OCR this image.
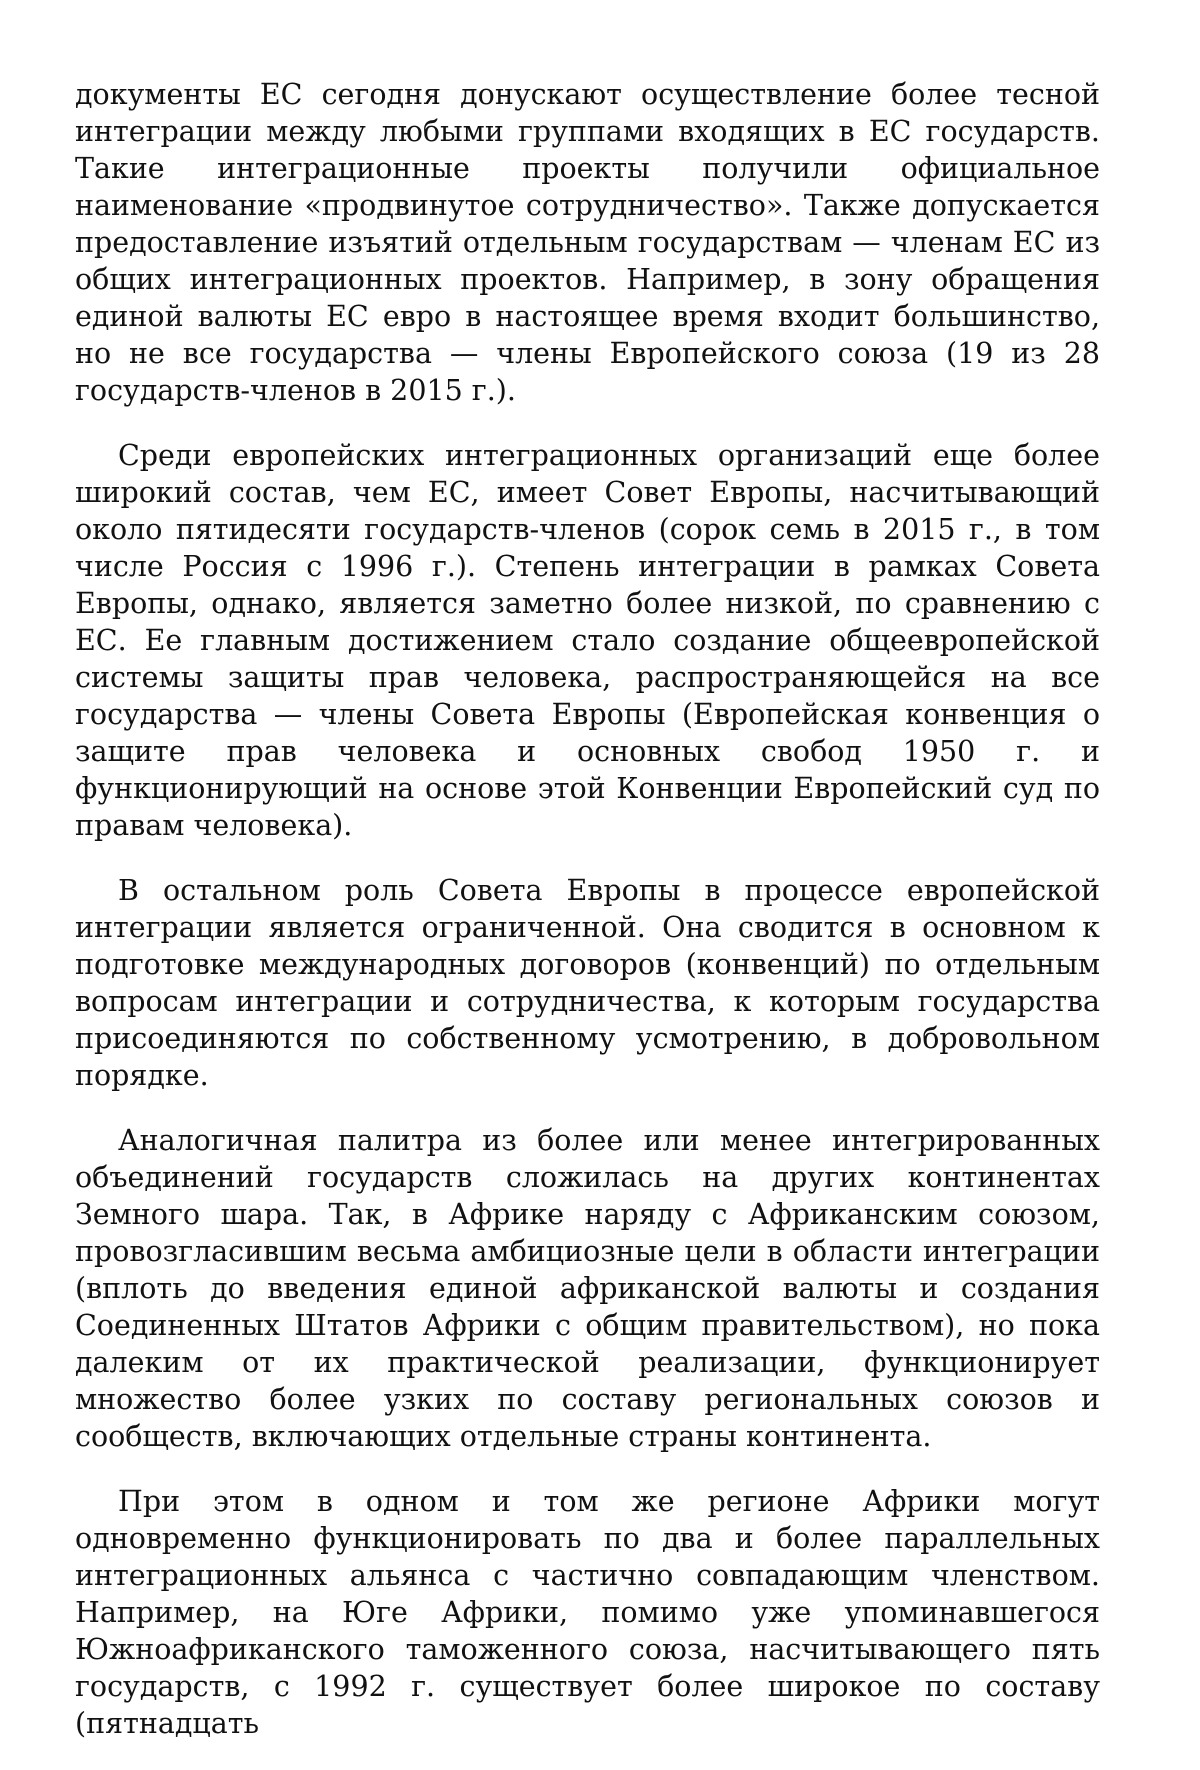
документы ЕС сегодня донускают осуществление более тесной интеграции между любыми группами входящих в ЕС государств. Такие интеграционные проекты получили официальное наименование «продвинутое сотрудничество». Также допускается предоставление изъятий отдельным государствам — членам ЕС из общих интеграционных проектов. Например, в зону обращения единой валюты ЕС евро в настоящее время входит большинство, но не все государства — члены Европейского союза (19 из 28 государств-членов в 2015 г.).

Среди европейских интеграционных организаций еще более широкий состав, чем ЕС, имеет Совет Европы, насчитывающий около пятидесяти государств-членов (сорок семь в 2015 г., в том числе Россия с 1996 г.). Степень интеграции в рамках Совета Европы, однако, является заметно более низкой, по сравнению с ЕС. Ее главным достижением стало создание общеевропейской системы защиты прав человека, распространяющейся на все государства — члены Совета Европы (Европейская конвенция о защите прав человека и основных свобод 1950 г. и функционирующий на основе этой Конвенции Европейский суд по правам человека).

В остальном роль Совета Европы в процессе европейской интеграции является ограниченной. Она сводится в основном к подготовке международных договоров (конвенций) по отдельным вопросам интеграции и сотрудничества, к которым государства присоединяются по собственному усмотрению, в добровольном порядке.

Аналогичная палитра из более или менее интегрированных объединений государств сложилась на других континентах Земного шара. Так, в Африке наряду с Африканским союзом, провозгласившим весьма амбициозные цели в области интеграции (вплоть до введения единой африканской валюты и создания Соединенных Штатов Африки с общим правительством), но пока далеким от их практической реализации, функционирует множество более узких по составу региональных союзов и сообществ, включающих отдельные страны континента.

При этом в одном и том же регионе Африки могут одновременно функционировать по два и более параллельных интеграционных альянса с частично совпадающим членством. Например, на Юге Африки, помимо уже упоминавшегося Южноафриканского таможенного союза, насчитывающего пять государств, с 1992 г. существует более широкое по составу (пятнадцать
